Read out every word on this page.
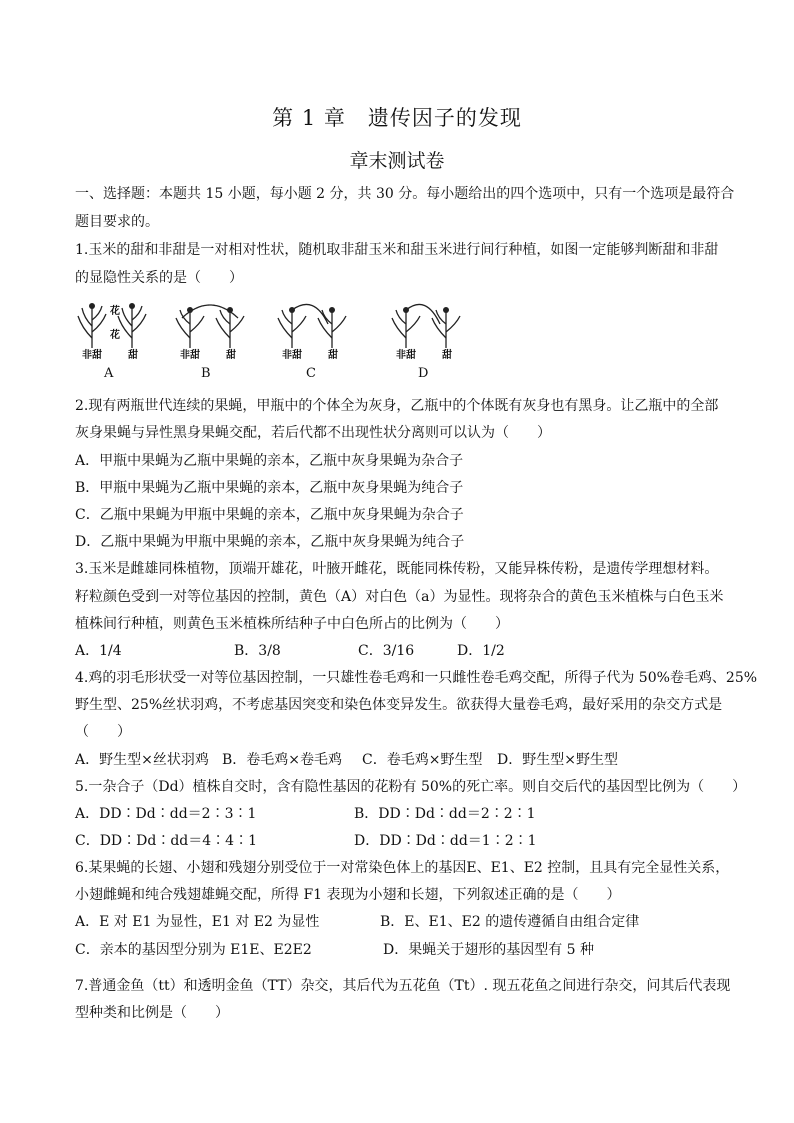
第 1 章　遗传因子的发现
章末测试卷
一、选择题：本题共 15 小题，每小题 2 分，共 30 分。每小题给出的四个选项中，只有一个选项是最符合
题目要求的。
1.玉米的甜和非甜是一对相对性状，随机取非甜玉米和甜玉米进行间行种植，如图一定能够判断甜和非甜
的显隐性关系的是（　　）
花
花
非甜	甜	非甜	甜	非甜	甜	非甜	甜
A	B	C	D
2.现有两瓶世代连续的果蝇，甲瓶中的个体全为灰身，乙瓶中的个体既有灰身也有黑身。让乙瓶中的全部
灰身果蝇与异性黑身果蝇交配，若后代都不出现性状分离则可以认为（　　）
A．甲瓶中果蝇为乙瓶中果蝇的亲本，乙瓶中灰身果蝇为杂合子
B．甲瓶中果蝇为乙瓶中果蝇的亲本，乙瓶中灰身果蝇为纯合子
C．乙瓶中果蝇为甲瓶中果蝇的亲本，乙瓶中灰身果蝇为杂合子
D．乙瓶中果蝇为甲瓶中果蝇的亲本，乙瓶中灰身果蝇为纯合子
3.玉米是雌雄同株植物，顶端开雄花，叶腋开雌花，既能同株传粉，又能异株传粉，是遗传学理想材料。
籽粒颜色受到一对等位基因的控制，黄色（A）对白色（a）为显性。现将杂合的黄色玉米植株与白色玉米
植株间行种植，则黄色玉米植株所结种子中白色所占的比例为（　　）
A．1/4	B．3/8	C．3/16	D．1/2
4.鸡的羽毛形状受一对等位基因控制，一只雄性卷毛鸡和一只雌性卷毛鸡交配，所得子代为 50%卷毛鸡、25%
野生型、25%丝状羽鸡，不考虑基因突变和染色体变异发生。欲获得大量卷毛鸡，最好采用的杂交方式是
（　　）
A．野生型×丝状羽鸡 B．卷毛鸡×卷毛鸡 C．卷毛鸡×野生型 D．野生型×野生型
5.一杂合子（Dd）植株自交时，含有隐性基因的花粉有 50%的死亡率。则自交后代的基因型比例为（　　）
A．DD∶Dd∶dd＝2∶3∶1	B．DD∶Dd∶dd＝2∶2∶1
C．DD∶Dd∶dd＝4∶4∶1	D．DD∶Dd∶dd＝1∶2∶1
6.某果蝇的长翅、小翅和残翅分别受位于一对常染色体上的基因E、E1、E2 控制，且具有完全显性关系，
小翅雌蝇和纯合残翅雄蝇交配，所得 F1 表现为小翅和长翅，下列叙述正确的是（　　）
A．E 对 E1 为显性，E1 对 E2 为显性	B．E、E1、E2 的遗传遵循自由组合定律
C．亲本的基因型分别为 E1E、E2E2	D．果蝇关于翅形的基因型有 5 种
7.普通金鱼（tt）和透明金鱼（TT）杂交，其后代为五花鱼（Tt）. 现五花鱼之间进行杂交，问其后代表现
型种类和比例是（　　）
